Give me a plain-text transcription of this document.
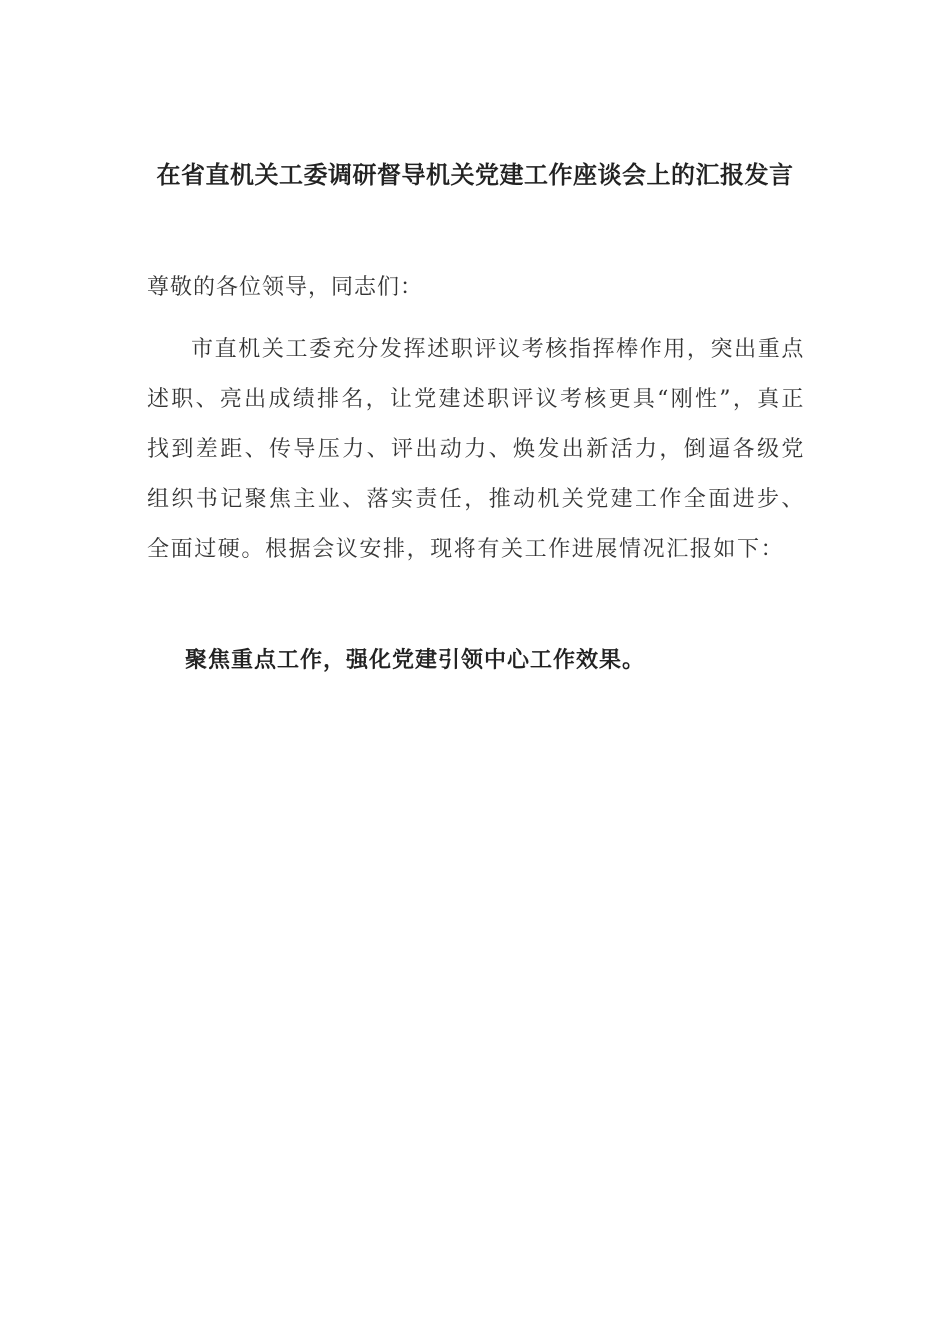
在省直机关工委调研督导机关党建工作座谈会上的汇报发言

尊敬的各位领导，同志们：

市直机关工委充分发挥述职评议考核指挥棒作用，突出重点述职、亮出成绩排名，让党建述职评议考核更具“刚性”，真正找到差距、传导压力、评出动力、焕发出新活力，倒逼各级党组织书记聚焦主业、落实责任，推动机关党建工作全面进步、全面过硬。根据会议安排，现将有关工作进展情况汇报如下：

聚焦重点工作，强化党建引领中心工作效果。
